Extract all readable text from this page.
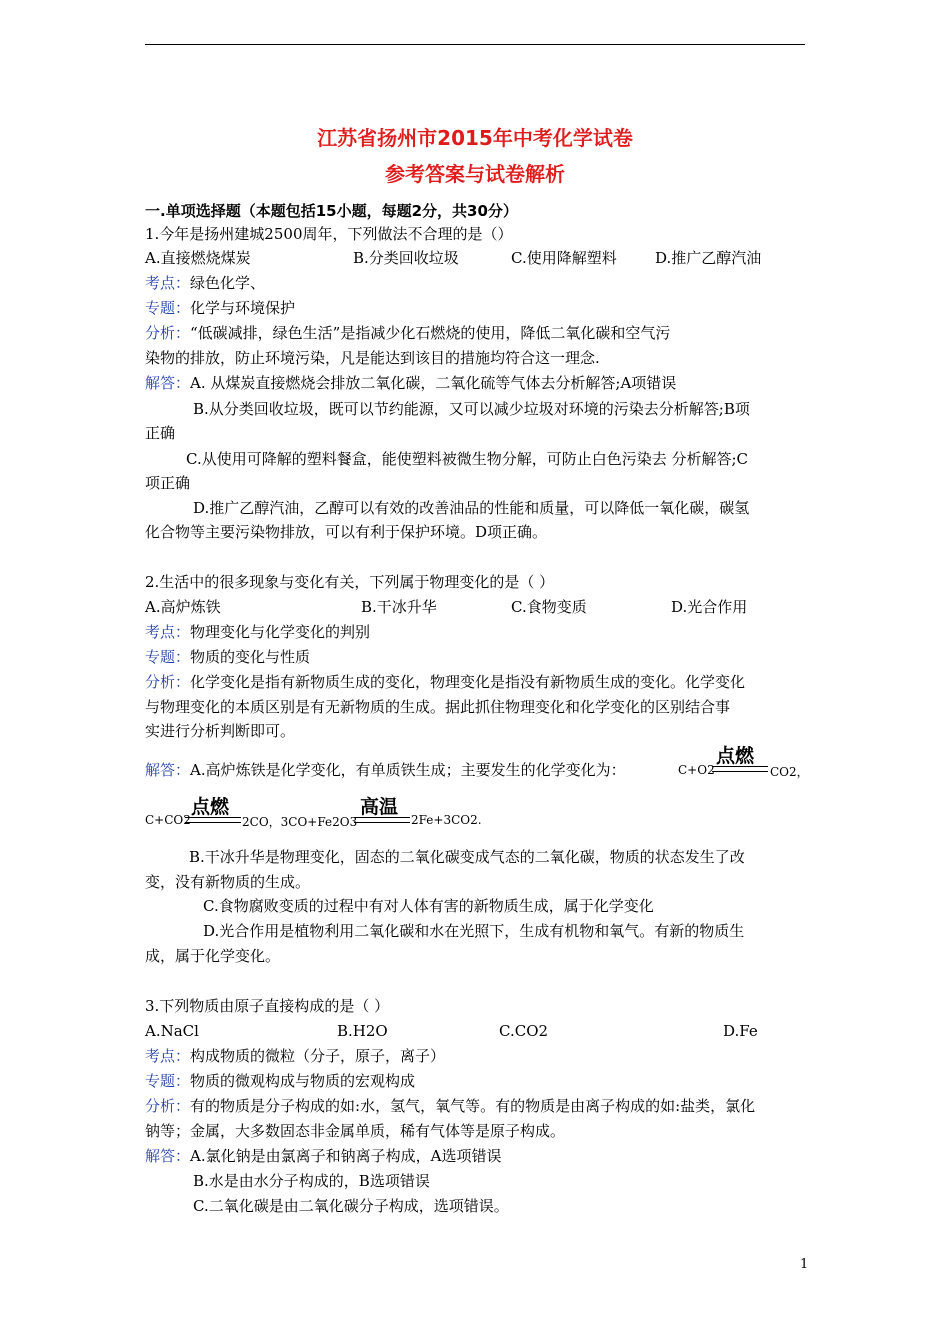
江苏省扬州市2015年中考化学试卷
参考答案与试卷解析
一.单项选择题（本题包括15小题，每题2分，共30分）
1.今年是扬州建城2500周年，下列做法不合理的是（）
A.直接燃烧煤炭	B.分类回收垃圾	C.使用降解塑料	D.推广乙醇汽油
考点：绿色化学、
专题：化学与环境保护
分析：“低碳减排，绿色生活”是指减少化石燃烧的使用，降低二氧化碳和空气污
染物的排放，防止环境污染，凡是能达到该目的措施均符合这一理念.
解答：A. 从煤炭直接燃烧会排放二氧化碳，二氧化硫等气体去分析解答;A项错误
B.从分类回收垃圾，既可以节约能源，又可以减少垃圾对环境的污染去分析解答;B项
正确
C.从使用可降解的塑料餐盒，能使塑料被微生物分解，可防止白色污染去 分析解答;C
项正确
D.推广乙醇汽油，乙醇可以有效的改善油品的性能和质量，可以降低一氧化碳，碳氢
化合物等主要污染物排放，可以有利于保护环境。D项正确。
2.生活中的很多现象与变化有关，下列属于物理变化的是（ ）
A.高炉炼铁	B.干冰升华	C.食物变质	D.光合作用
考点：物理变化与化学变化的判别
专题：物质的变化与性质
分析：化学变化是指有新物质生成的变化，物理变化是指没有新物质生成的变化。化学变化
与物理变化的本质区别是有无新物质的生成。据此抓住物理变化和化学变化的区别结合事
实进行分析判断即可。
解答：A.高炉炼铁是化学变化，有单质铁生成；主要发生的化学变化为：	C+O2
点燃
CO2，
C+CO2
点燃
2CO，3CO+Fe2O3
高温
2Fe+3CO2.
B.干冰升华是物理变化，固态的二氧化碳变成气态的二氧化碳，物质的状态发生了改
变，没有新物质的生成。
C.食物腐败变质的过程中有对人体有害的新物质生成，属于化学变化
D.光合作用是植物利用二氧化碳和水在光照下，生成有机物和氧气。有新的物质生
成，属于化学变化。
3.下列物质由原子直接构成的是（ ）
A.NaCl	B.H2O	C.CO2	D.Fe
考点：构成物质的微粒（分子，原子，离子）
专题：物质的微观构成与物质的宏观构成
分析：有的物质是分子构成的如:水，氢气，氧气等。有的物质是由离子构成的如:盐类，氯化
钠等；金属，大多数固态非金属单质，稀有气体等是原子构成。
解答：A.氯化钠是由氯离子和钠离子构成，A选项错误
B.水是由水分子构成的，B选项错误
C.二氧化碳是由二氧化碳分子构成，选项错误。
1
